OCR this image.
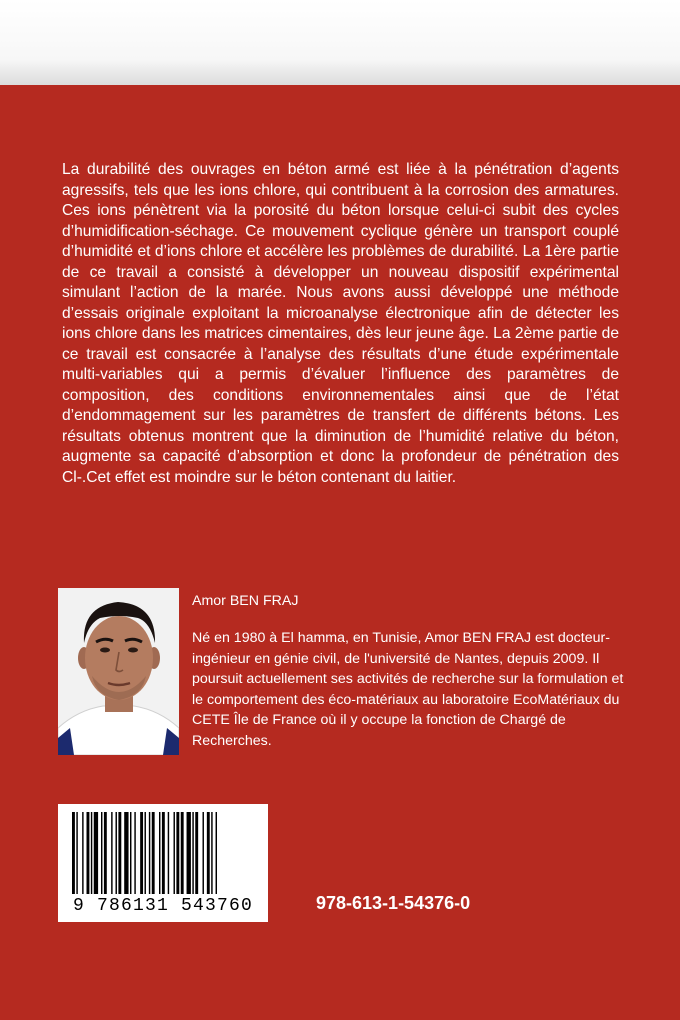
La durabilité des ouvrages en béton armé est liée à la pénétration d’agents agressifs, tels que les ions chlore, qui contribuent à la corrosion des armatures. Ces ions pénètrent via la porosité du béton lorsque celui-ci subit des cycles d’humidification-séchage. Ce mouvement cyclique génère un transport couplé d’humidité et d’ions chlore et accélère les problèmes de durabilité. La 1ère partie de ce travail a consisté à développer un nouveau dispositif expérimental simulant l’action de la marée. Nous avons aussi développé une méthode d’essais originale exploitant la microanalyse électronique afin de détecter les ions chlore dans les matrices cimentaires, dès leur jeune âge. La 2ème partie de ce travail est consacrée à l’analyse des résultats d’une étude expérimentale multi-variables qui a permis d’évaluer l’influence des paramètres de composition, des conditions environnementales ainsi que de l’état d’endommagement sur les paramètres de transfert de différents bétons. Les résultats obtenus montrent que la diminution de l’humidité relative du béton, augmente sa capacité d’absorption et donc la profondeur de pénétration des Cl-.Cet effet est moindre sur le béton contenant du laitier.

Amor BEN FRAJ

Né en 1980 à El hamma, en Tunisie, Amor BEN FRAJ est docteur-ingénieur en génie civil, de l'université de Nantes, depuis 2009. Il poursuit actuellement ses activités de recherche sur la formulation et le comportement des éco-matériaux au laboratoire EcoMatériaux du CETE Île de France où il y occupe la fonction de Chargé de Recherches.

9 786131 543760	978-613-1-54376-0
